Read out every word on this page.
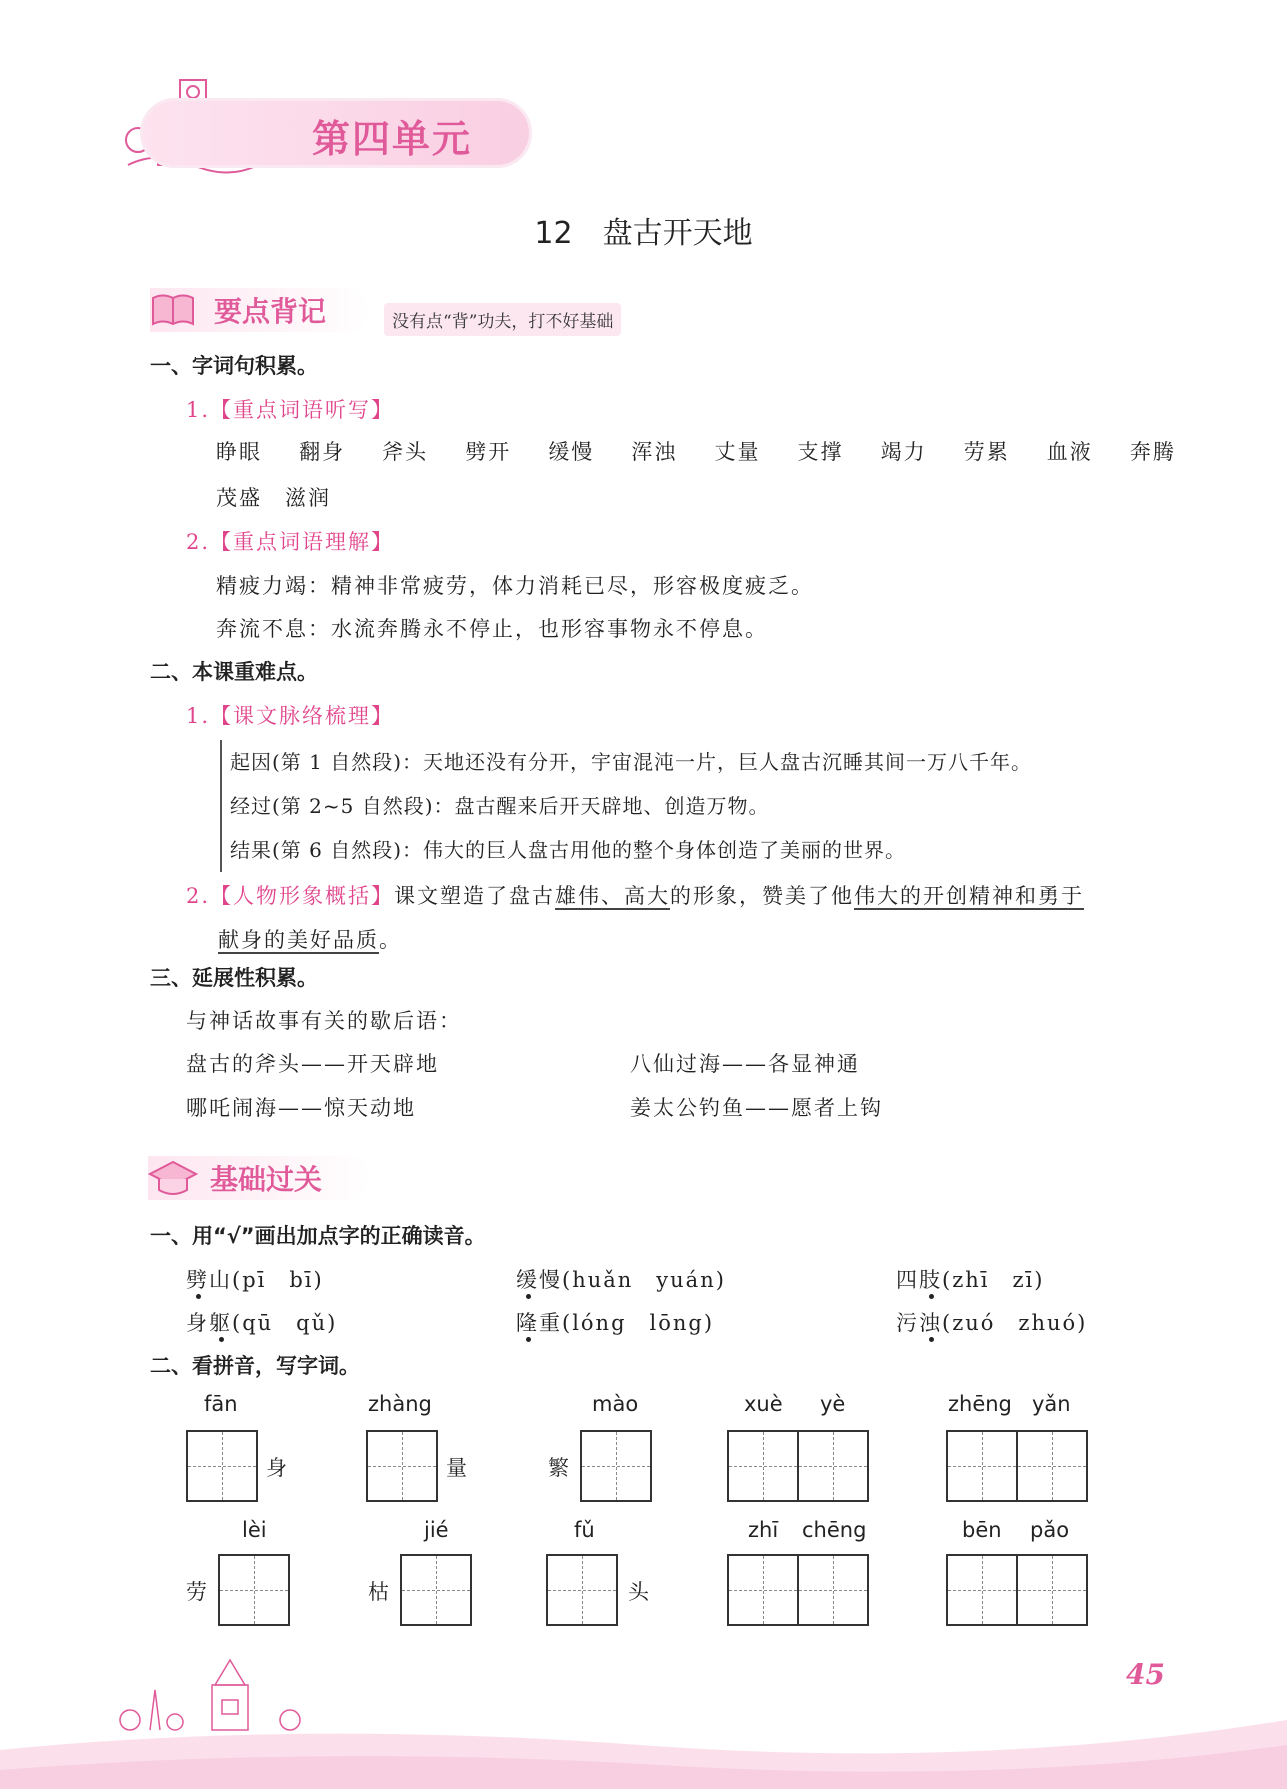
第四单元
12 盘古开天地
要点背记	没有点“背”功夫，打不好基础
一、字词句积累。
1.【重点词语听写】
睁眼 翻身 斧头 劈开 缓慢 浑浊 丈量 支撑 竭力 劳累 血液 奔腾
茂盛　 滋润
2.【重点词语理解】
精疲力竭：精神非常疲劳，体力消耗已尽，形容极度疲乏。
奔流不息：水流奔腾永不停止，也形容事物永不停息。
二、本课重难点。
1.【课文脉络梳理】
起因(第 1 自然段)：天地还没有分开，宇宙混沌一片，巨人盘古沉睡其间一万八千年。
经过(第 2~5 自然段)：盘古醒来后开天辟地、创造万物。
结果(第 6 自然段)：伟大的巨人盘古用他的整个身体创造了美丽的世界。
2.【人物形象概括】课文塑造了盘古雄伟、高大的形象，赞美了他伟大的开创精神和勇于
献身的美好品质。
三、延展性积累。
与神话故事有关的歇后语：
盘古的斧头——开天辟地	八仙过海——各显神通
哪吒闹海——惊天动地	姜太公钓鱼——愿者上钩
基础过关
一、用“√”画出加点字的正确读音。
劈山(pī　bī)	缓慢(huǎn　yuán)	四肢(zhī　zī)
身躯(qū　qǔ)	隆重(lóng　lōng)	污浊(zuó　zhuó)
二、看拼音，写字词。
fān	zhàng	mào	xuè yè	zhēng yǎn
身	量	繁
lèi	jié	fǔ	zhī chēng	bēn pǎo
劳	枯	头
45
